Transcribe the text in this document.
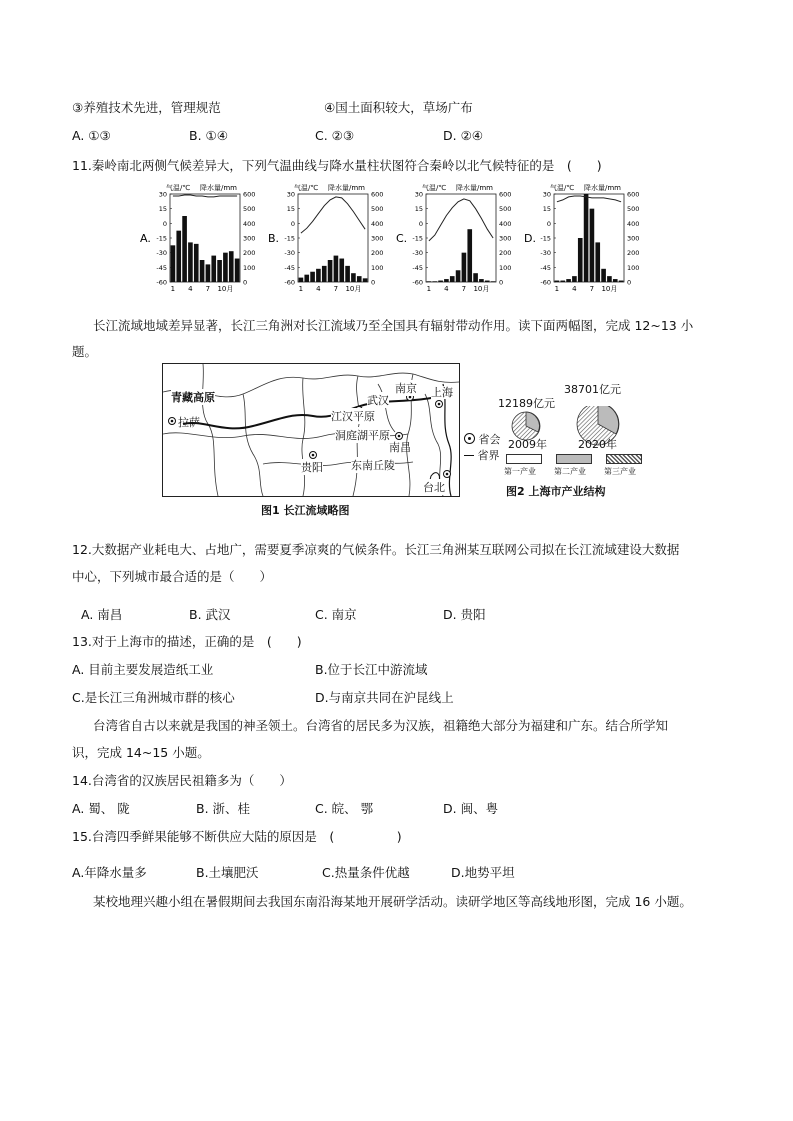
③养殖技术先进，管理规范	④国土面积较大，草场广布
A. ①③	B. ①④	C. ②③	D. ②④
11.秦岭南北两侧气候差异大，下列气温曲线与降水量柱状图符合秦岭以北气候特征的是　(　　)
A.
气温/℃ 降水量/mm
30
15
0
-15
-30
-45
-60
600
500
400
300
200
100
0
1 4 7 10月
B.
气温/℃ 降水量/mm
30
15
0
-15
-30
-45
-60
600
500
400
300
200
100
0
1 4 7 10月
C.
气温/℃ 降水量/mm
30
15
0
-15
-30
-45
-60
600
500
400
300
200
100
0
1 4 7 10月
D.
气温/℃ 降水量/mm
30
15
0
-15
-30
-45
-60
600
500
400
300
200
100
0
1 4 7 10月
长江流域地域差异显著，长江三角洲对长江流域乃至全国具有辐射带动作用。读下面两幅图，完成 12~13 小
题。
青藏高原
江汉平原
洞庭湖平原
东南丘陵
拉萨
武汉
南京 上海
南昌
贵阳
台北
省会
省界
图1 长江流域略图
12189亿元
38701亿元
2009年	2020年
第一产业 第二产业 第三产业
图2 上海市产业结构
12.大数据产业耗电大、占地广，需要夏季凉爽的气候条件。长江三角洲某互联网公司拟在长江流域建设大数据
中心，下列城市最合适的是（　　）
A. 南昌	B. 武汉	C. 南京	D. 贵阳
13.对于上海市的描述，正确的是　(　　)
A. 目前主要发展造纸工业	B.位于长江中游流域
C.是长江三角洲城市群的核心	D.与南京共同在沪昆线上
台湾省自古以来就是我国的神圣领土。台湾省的居民多为汉族，祖籍绝大部分为福建和广东。结合所学知
识，完成 14~15 小题。
14.台湾省的汉族居民祖籍多为（　　）
A. 蜀、 陇	B. 浙、桂	C. 皖、 鄂	D. 闽、粤
15.台湾四季鲜果能够不断供应大陆的原因是　(　　　　　)
A.年降水量多	B.土壤肥沃	C.热量条件优越	D.地势平坦
某校地理兴趣小组在暑假期间去我国东南沿海某地开展研学活动。读研学地区等高线地形图，完成 16 小题。
